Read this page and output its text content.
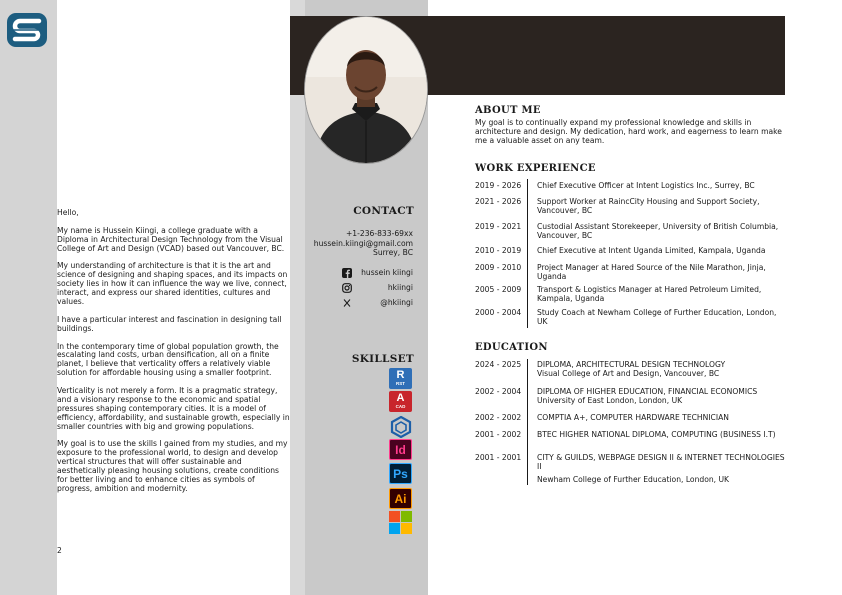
Hello,

My name is Hussein Kiingi, a college graduate with a Diploma in Architectural Design Technology from the Visual College of Art and Design (VCAD) based out Vancouver, BC.

My understanding of architecture is that it is the art and science of designing and shaping spaces, and its impacts on society lies in how it can influence the way we live, connect, interact, and express our shared identities, cultures and values.

I have a particular interest and fascination in designing tall buildings.

In the contemporary time of global population growth, the escalating land costs, urban densification, all on a finite planet, I believe that verticality offers a relatively viable solution for affordable housing using a smaller footprint.

Verticality is not merely a form. It is a pragmatic strategy, and a visionary response to the economic and spatial pressures shaping contemporary cities. It is a model of efficiency, affordability, and sustainable growth, especially in smaller countries with big and growing populations.

My goal is to use the skills I gained from my studies, and my exposure to the professional world, to design and develop vertical structures that will offer sustainable and aesthetically pleasing housing solutions, create conditions for better living and to enhance cities as symbols of progress, ambition and modernity.

2
CONTACT
+1-236-833-69xx
hussein.kiingi@gmail.com
Surrey, BC
hussein kiingi
hkiingi
@hkiingi
SKILLSET
R
RST
A
CAD
Id
Ps
Ai
ABOUT ME
My goal is to continually expand my professional knowledge and skills in architecture and design. My dedication, hard work, and eagerness to learn make me a valuable asset on any team.
WORK EXPERIENCE
2019 - 2026	Chief Executive Officer at Intent Logistics Inc., Surrey, BC
2021 - 2026	Support Worker at RaincCity Housing and Support Society, Vancouver, BC
2019 - 2021	Custodial Assistant Storekeeper, University of British Columbia, Vancouver, BC
2010 - 2019	Chief Executive at Intent Uganda Limited, Kampala, Uganda
2009 - 2010	Project Manager at Hared Source of the Nile Marathon, Jinja, Uganda
2005 - 2009	Transport & Logistics Manager at Hared Petroleum Limited, Kampala, Uganda
2000 - 2004	Study Coach at Newham College of Further Education, London, UK
EDUCATION
2024 - 2025	DIPLOMA, ARCHITECTURAL DESIGN TECHNOLOGY
Visual College of Art and Design, Vancouver, BC
2002 - 2004	DIPLOMA OF HIGHER EDUCATION, FINANCIAL ECONOMICS
University of East London, London, UK
2002 - 2002	COMPTIA A+, COMPUTER HARDWARE TECHNICIAN
2001 - 2002	BTEC HIGHER NATIONAL DIPLOMA, COMPUTING (BUSINESS I.T)
2001 - 2001	CITY & GUILDS, WEBPAGE DESIGN II & INTERNET TECHNOLOGIES II
Newham College of Further Education, London, UK
